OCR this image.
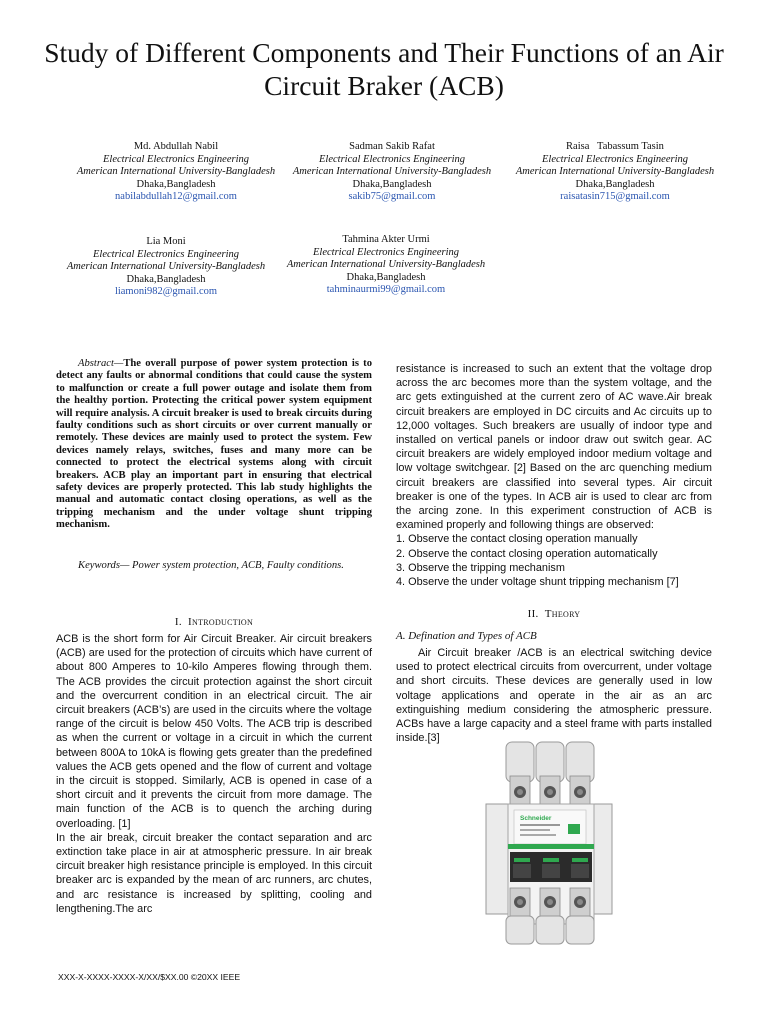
Study of Different Components and Their Functions of an Air Circuit Braker (ACB)
Md. Abdullah Nabil
Electrical Electronics Engineering
American International University-Bangladesh
Dhaka,Bangladesh
nabilabdullah12@gmail.com
Sadman Sakib Rafat
Electrical Electronics Engineering
American International University-Bangladesh
Dhaka,Bangladesh
sakib75@gmail.com
Raisa   Tabassum Tasin
Electrical Electronics Engineering
American International University-Bangladesh
Dhaka,Bangladesh
raisatasin715@gmail.com
Lia Moni
Electrical Electronics Engineering
American International University-Bangladesh
Dhaka,Bangladesh
liamoni982@gmail.com
Tahmina Akter Urmi
Electrical Electronics Engineering
American International University-Bangladesh
Dhaka,Bangladesh
tahminaurmi99@gmail.com
Abstract—The overall purpose of power system protection is to detect any faults or abnormal conditions that could cause the system to malfunction or create a full power outage and isolate them from the healthy portion. Protecting the critical power system equipment will require analysis. A circuit breaker is used to break circuits during faulty conditions such as short circuits or over current manually or remotely. These devices are mainly used to protect the system. Few devices namely relays, switches, fuses and many more can be connected to protect the electrical systems along with circuit breakers. ACB play an important part in ensuring that electrical safety devices are properly protected. This lab study highlights the manual and automatic contact closing operations, as well as the tripping mechanism and the under voltage shunt tripping mechanism.
Keywords— Power system protection, ACB, Faulty conditions.
I. Introduction

ACB is the short form for Air Circuit Breaker. Air circuit breakers (ACB) are used for the protection of circuits which have current of about 800 Amperes to 10-kilo Amperes flowing through them. The ACB provides the circuit protection against the short circuit and the overcurrent condition in an electrical circuit. The air circuit breakers (ACB’s) are used in the circuits where the voltage range of the circuit is below 450 Volts. The ACB trip is described as when the current or voltage in a circuit in which the current between 800A to 10kA is flowing gets greater than the predefined values the ACB gets opened and the flow of current and voltage in the circuit is stopped. Similarly, ACB is opened in case of a short circuit and it prevents the circuit from more damage. The main function of the ACB is to quench the arching during overloading. [1]

In the air break, circuit breaker the contact separation and arc extinction take place in air at atmospheric pressure. In air break circuit breaker high resistance principle is employed. In this circuit breaker arc is expanded by the mean of arc runners, arc chutes, and arc resistance is increased by splitting, cooling and lengthening.The arc

resistance is increased to such an extent that the voltage drop across the arc becomes more than the system voltage, and the arc gets extinguished at the current zero of AC wave.Air break circuit breakers are employed in DC circuits and Ac circuits up to 12,000 voltages. Such breakers are usually of indoor type and installed on vertical panels or indoor draw out switch gear. AC circuit breakers are widely employed indoor medium voltage and low voltage switchgear. [2] Based on the arc quenching medium circuit breakers are classified into several types. Air circuit breaker is one of the types. In ACB air is used to clear arc from the arcing zone. In this experiment construction of ACB is examined properly and following things are observed:

1. Observe the contact closing operation manually

2. Observe the contact closing operation automatically

3. Observe the tripping mechanism

4. Observe the under voltage shunt tripping mechanism [7]

II. Theory
A. Defination and Types of ACB

Air Circuit breaker /ACB is an electrical switching device used to protect electrical circuits from overcurrent, under voltage and short circuits. These devices are generally used in low voltage applications and operate in the air as an arc extinguishing medium considering the atmospheric pressure. ACBs have a large capacity and a steel frame with parts installed inside.[3]

Schneider
XXX-X-XXXX-XXXX-X/XX/$XX.00 ©20XX IEEE
